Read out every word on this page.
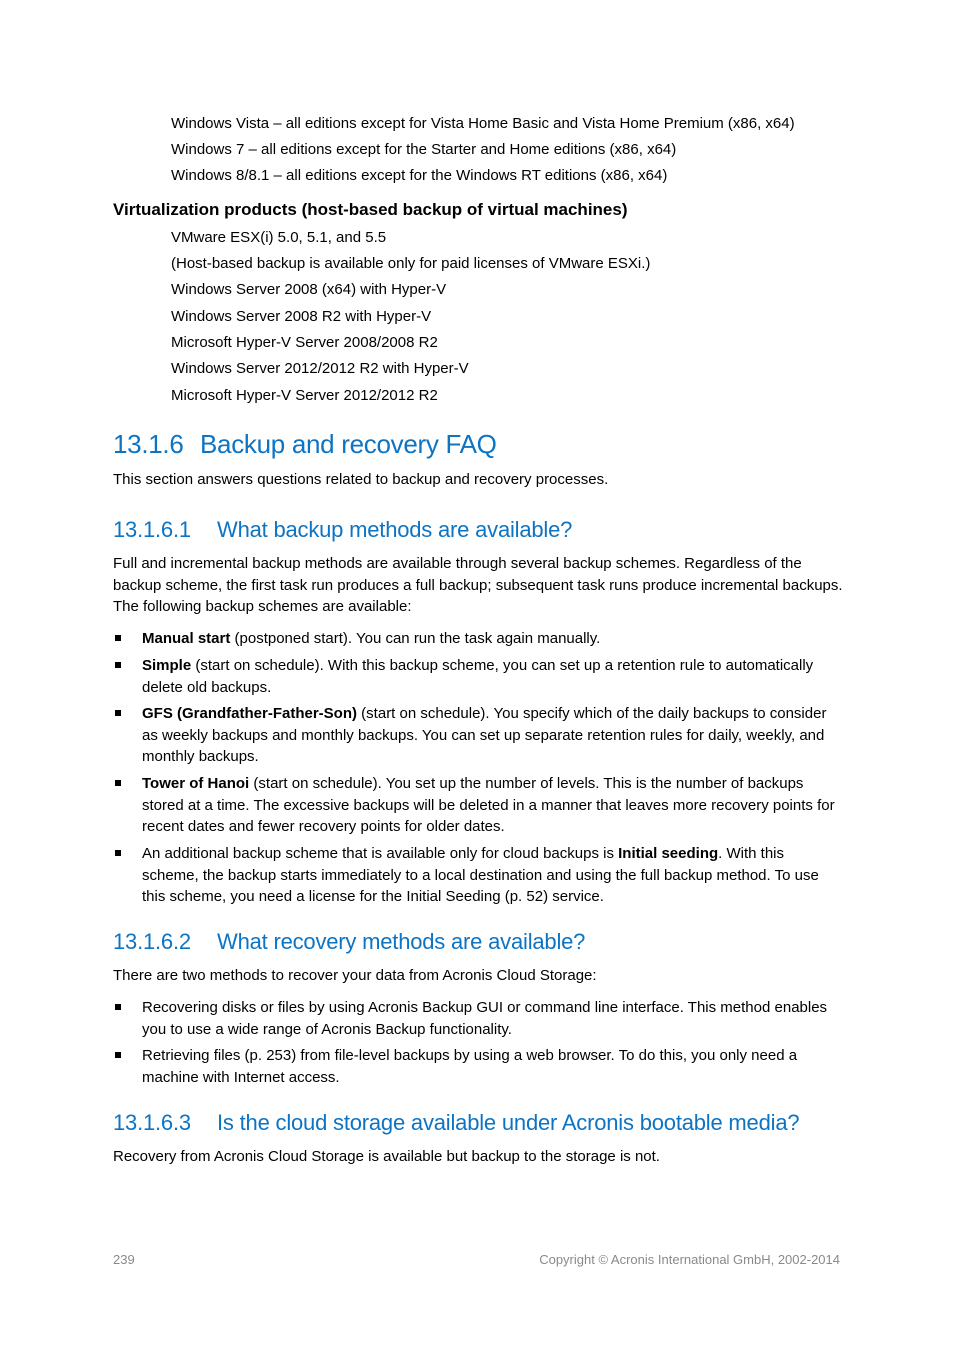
Windows Vista – all editions except for Vista Home Basic and Vista Home Premium (x86, x64)
Windows 7 – all editions except for the Starter and Home editions (x86, x64)
Windows 8/8.1 – all editions except for the Windows RT editions (x86, x64)
Virtualization products (host-based backup of virtual machines)
VMware ESX(i) 5.0, 5.1, and 5.5
(Host-based backup is available only for paid licenses of VMware ESXi.)
Windows Server 2008 (x64) with Hyper-V
Windows Server 2008 R2 with Hyper-V
Microsoft Hyper-V Server 2008/2008 R2
Windows Server 2012/2012 R2 with Hyper-V
Microsoft Hyper-V Server 2012/2012 R2
13.1.6 Backup and recovery FAQ
This section answers questions related to backup and recovery processes.
13.1.6.1 What backup methods are available?
Full and incremental backup methods are available through several backup schemes. Regardless of the backup scheme, the first task run produces a full backup; subsequent task runs produce incremental backups. The following backup schemes are available:
Manual start (postponed start). You can run the task again manually.
Simple (start on schedule). With this backup scheme, you can set up a retention rule to automatically delete old backups.
GFS (Grandfather-Father-Son) (start on schedule). You specify which of the daily backups to consider as weekly backups and monthly backups. You can set up separate retention rules for daily, weekly, and monthly backups.
Tower of Hanoi (start on schedule). You set up the number of levels. This is the number of backups stored at a time. The excessive backups will be deleted in a manner that leaves more recovery points for recent dates and fewer recovery points for older dates.
An additional backup scheme that is available only for cloud backups is Initial seeding. With this scheme, the backup starts immediately to a local destination and using the full backup method. To use this scheme, you need a license for the Initial Seeding (p. 52) service.
13.1.6.2 What recovery methods are available?
There are two methods to recover your data from Acronis Cloud Storage:
Recovering disks or files by using Acronis Backup GUI or command line interface. This method enables you to use a wide range of Acronis Backup functionality.
Retrieving files (p. 253) from file-level backups by using a web browser. To do this, you only need a machine with Internet access.
13.1.6.3 Is the cloud storage available under Acronis bootable media?
Recovery from Acronis Cloud Storage is available but backup to the storage is not.
239	Copyright © Acronis International GmbH, 2002-2014
